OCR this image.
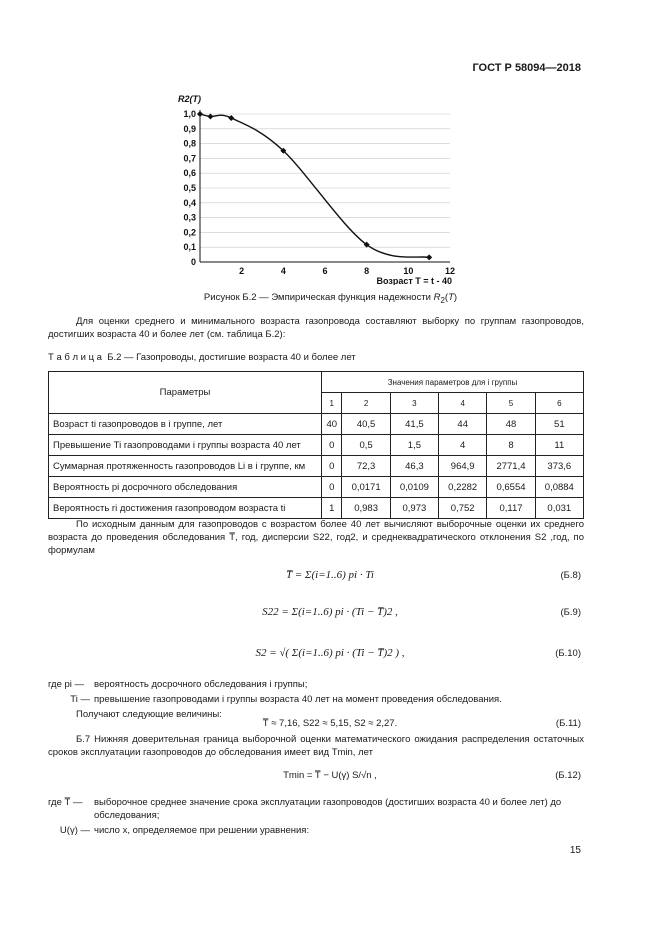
ГОСТ Р 58094—2018
R2(T)
0
0,1
0,2
0,3
0,4
0,5
0,6
0,7
0,8
0,9
1,0
2	4	6	8	10	12
Возраст T = t - 40
Рисунок Б.2 — Эмпирическая функция надежности $R_2(T)$
Для оценки среднего и минимального возраста газопровода составляют выборку по группам газопроводов, достигших возраста 40 и более лет (см. таблица Б.2):
Т а б л и ц а Б.2 — Газопроводы, достигшие возраста 40 и более лет
Параметры	Значения параметров для i группы					
	1	2	3	4	5	6
Возраст ti газопроводов в i группе, лет	40	40,5	41,5	44	48	51
Превышение Ti газопроводами i группы возраста 40 лет	0	0,5	1,5	4	8	11
Суммарная протяженность газопроводов Li в i группе, км	0	72,3	46,3	964,9	2771,4	373,6
Вероятность pi досрочного обследования	0	0,0171	0,0109	0,2282	0,6554	0,0884
Вероятность ri достижения газопроводом возраста ti	1	0,983	0,973	0,752	0,117	0,031
По исходным данным для газопроводов с возрастом более 40 лет вычисляют выборочные оценки их среднего возраста до проведения обследования T̅, год, дисперсии S22, год2, и среднеквадратического отклонения S2 ,год, по формулам
T̅ = Σ(i=1..6) pi · Ti	(Б.8)
S22 = Σ(i=1..6) pi · (Ti − T̅)2 ,	(Б.9)
S2 = √( Σ(i=1..6) pi · (Ti − T̅)2 ) ,	(Б.10)
где pi — вероятность досрочного обследования i группы;
Ti — превышение газопроводами i группы возраста 40 лет на момент проведения обследования.
Получают следующие величины:
T̅ ≈ 7,16, S22 ≈ 5,15, S2 ≈ 2,27.	(Б.11)
Б.7 Нижняя доверительная граница выборочной оценки математического ожидания распределения остаточных сроков эксплуатации газопроводов до обследования имеет вид Tmin, лет
Tmin = T̅ − U(γ) S/√n ,	(Б.12)
где T̅ —	выборочное среднее значение срока эксплуатации газопроводов (достигших возраста 40 и более лет) до обследования;
U(γ) — число x, определяемое при решении уравнения:
15
